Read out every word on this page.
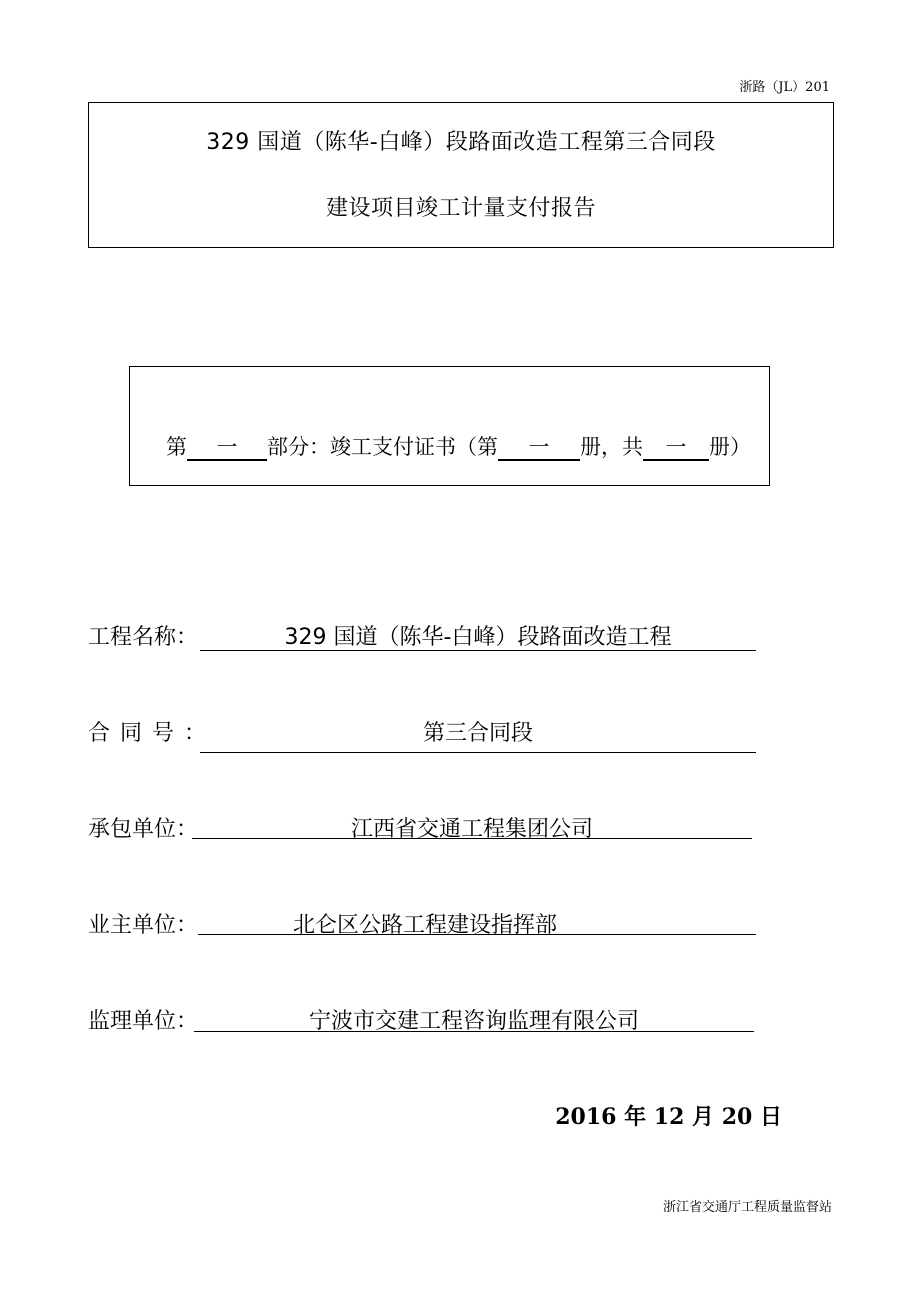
浙路（JL）201
329 国道（陈华-白峰）段路面改造工程第三合同段
建设项目竣工计量支付报告
第 一 部分：竣工支付证书（第 一 册，共 一 册）
工程名称：	329 国道（陈华-白峰）段路面改造工程
合同号：	第三合同段
承包单位：	江西省交通工程集团公司
业主单位：	北仑区公路工程建设指挥部
监理单位：	宁波市交建工程咨询监理有限公司
2016 年 12 月 20 日
浙江省交通厅工程质量监督站
